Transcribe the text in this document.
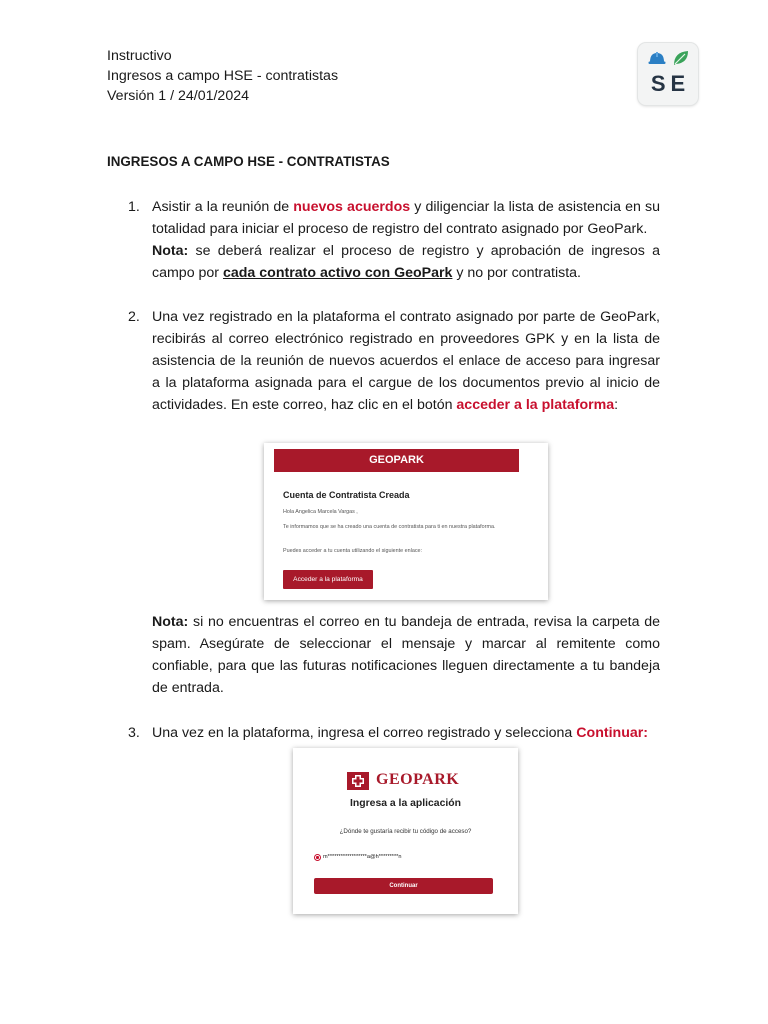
Instructivo
Ingresos a campo HSE - contratistas
Versión 1 / 24/01/2024	SE
INGRESOS A CAMPO HSE - CONTRATISTAS
1. Asistir a la reunión de nuevos acuerdos y diligenciar la lista de asistencia en su totalidad para iniciar el proceso de registro del contrato asignado por GeoPark.
Nota: se deberá realizar el proceso de registro y aprobación de ingresos a campo por cada contrato activo con GeoPark y no por contratista.
2. Una vez registrado en la plataforma el contrato asignado por parte de GeoPark, recibirás al correo electrónico registrado en proveedores GPK y en la lista de asistencia de la reunión de nuevos acuerdos el enlace de acceso para ingresar a la plataforma asignada para el cargue de los documentos previo al inicio de actividades. En este correo, haz clic en el botón acceder a la plataforma:
GEOPARK
Cuenta de Contratista Creada
Hola Angelica Marcela Vargas ,
Te informamos que se ha creado una cuenta de contratista para ti en nuestra plataforma.
Puedes acceder a tu cuenta utilizando el siguiente enlace:
Acceder a la plataforma
Nota: si no encuentras el correo en tu bandeja de entrada, revisa la carpeta de spam. Asegúrate de seleccionar el mensaje y marcar al remitente como confiable, para que las futuras notificaciones lleguen directamente a tu bandeja de entrada.
3. Una vez en la plataforma, ingresa el correo registrado y selecciona Continuar:
GEOPARK
Ingresa a la aplicación
¿Dónde te gustaría recibir tu código de acceso?
m******************a@h*********n
Continuar
